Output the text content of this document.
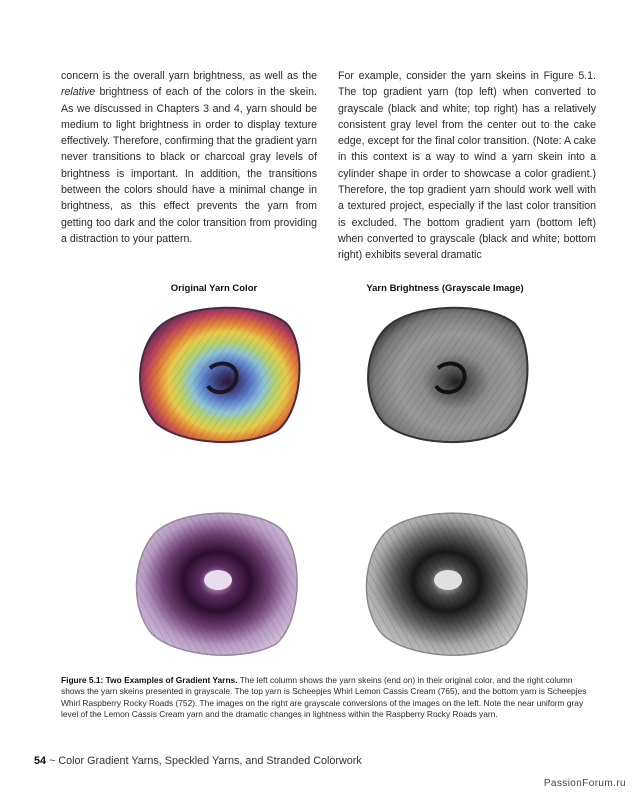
concern is the overall yarn brightness, as well as the relative brightness of each of the colors in the skein. As we discussed in Chapters 3 and 4, yarn should be medium to light brightness in order to display texture effectively. Therefore, confirming that the gradient yarn never transitions to black or charcoal gray levels of brightness is important. In addition, the transitions between the colors should have a minimal change in brightness, as this effect prevents the yarn from getting too dark and the color transition from providing a distraction to your pattern.
For example, consider the yarn skeins in Figure 5.1. The top gradient yarn (top left) when converted to grayscale (black and white; top right) has a relatively consistent gray level from the center out to the cake edge, except for the final color transition. (Note: A cake in this context is a way to wind a yarn skein into a cylinder shape in order to showcase a color gradient.) Therefore, the top gradient yarn should work well with a textured project, especially if the last color transition is excluded. The bottom gradient yarn (bottom left) when converted to grayscale (black and white; bottom right) exhibits several dramatic
Original Yarn Color	Yarn Brightness (Grayscale Image)
Figure 5.1: Two Examples of Gradient Yarns. The left column shows the yarn skeins (end on) in their original color, and the right column shows the yarn skeins presented in grayscale. The top yarn is Scheepjes Whirl Lemon Cassis Cream (765), and the bottom yarn is Scheepjes Whirl Raspberry Rocky Roads (752). The images on the right are grayscale conversions of the images on the left. Note the near uniform gray level of the Lemon Cassis Cream yarn and the dramatic changes in lightness within the Raspberry Rocky Roads yarn.
54 ~ Color Gradient Yarns, Speckled Yarns, and Stranded Colorwork
PassionForum.ru
